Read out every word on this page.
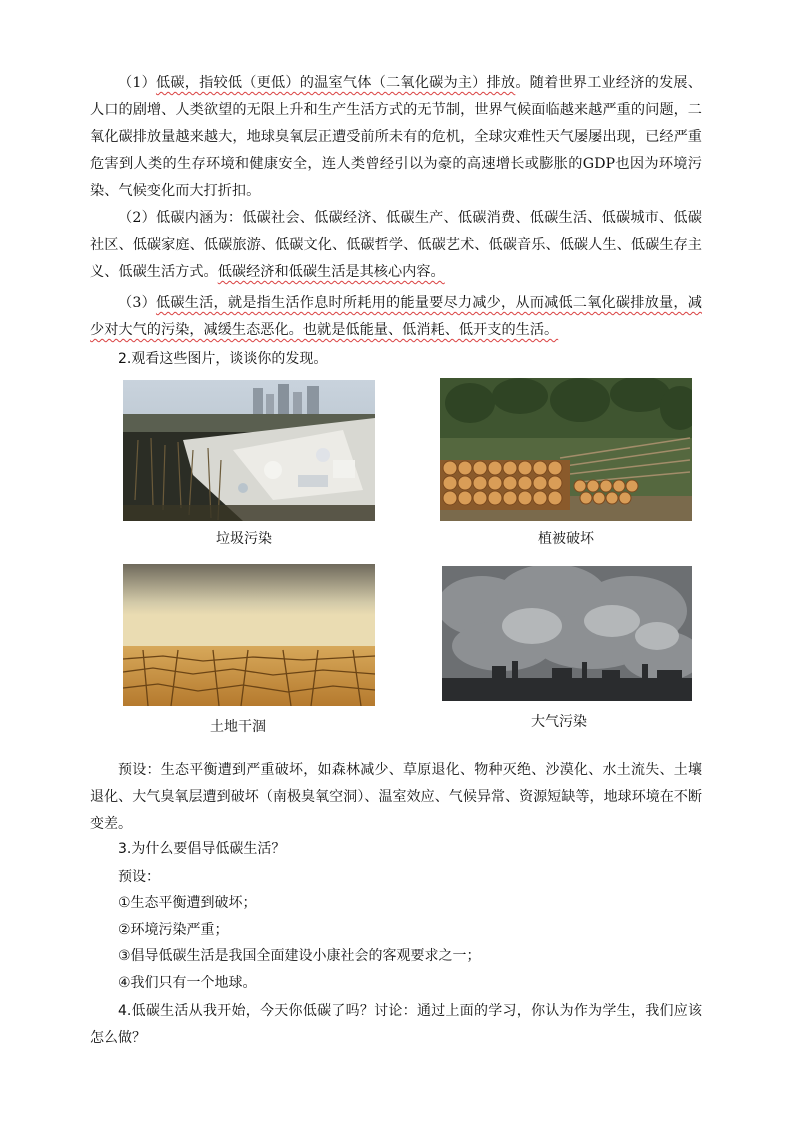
（1）低碳，指较低（更低）的温室气体（二氧化碳为主）排放。随着世界工业经济的发展、人口的剧增、人类欲望的无限上升和生产生活方式的无节制，世界气候面临越来越严重的问题，二氧化碳排放量越来越大，地球臭氧层正遭受前所未有的危机，全球灾难性天气屡屡出现，已经严重危害到人类的生存环境和健康安全，连人类曾经引以为豪的高速增长或膨胀的GDP也因为环境污染、气候变化而大打折扣。
（2）低碳内涵为：低碳社会、低碳经济、低碳生产、低碳消费、低碳生活、低碳城市、低碳社区、低碳家庭、低碳旅游、低碳文化、低碳哲学、低碳艺术、低碳音乐、低碳人生、低碳生存主义、低碳生活方式。低碳经济和低碳生活是其核心内容。
（3）低碳生活，就是指生活作息时所耗用的能量要尽力减少，从而减低二氧化碳排放量，减少对大气的污染，减缓生态恶化。也就是低能量、低消耗、低开支的生活。
2.观看这些图片，谈谈你的发现。
垃圾污染	植被破坏
土地干涸	大气污染
预设：生态平衡遭到严重破坏，如森林减少、草原退化、物种灭绝、沙漠化、水土流失、土壤退化、大气臭氧层遭到破坏（南极臭氧空洞）、温室效应、气候异常、资源短缺等，地球环境在不断变差。
3.为什么要倡导低碳生活？
预设：
①生态平衡遭到破坏；
②环境污染严重；
③倡导低碳生活是我国全面建设小康社会的客观要求之一；
④我们只有一个地球。
4.低碳生活从我开始，今天你低碳了吗？讨论：通过上面的学习，你认为作为学生，我们应该怎么做？
